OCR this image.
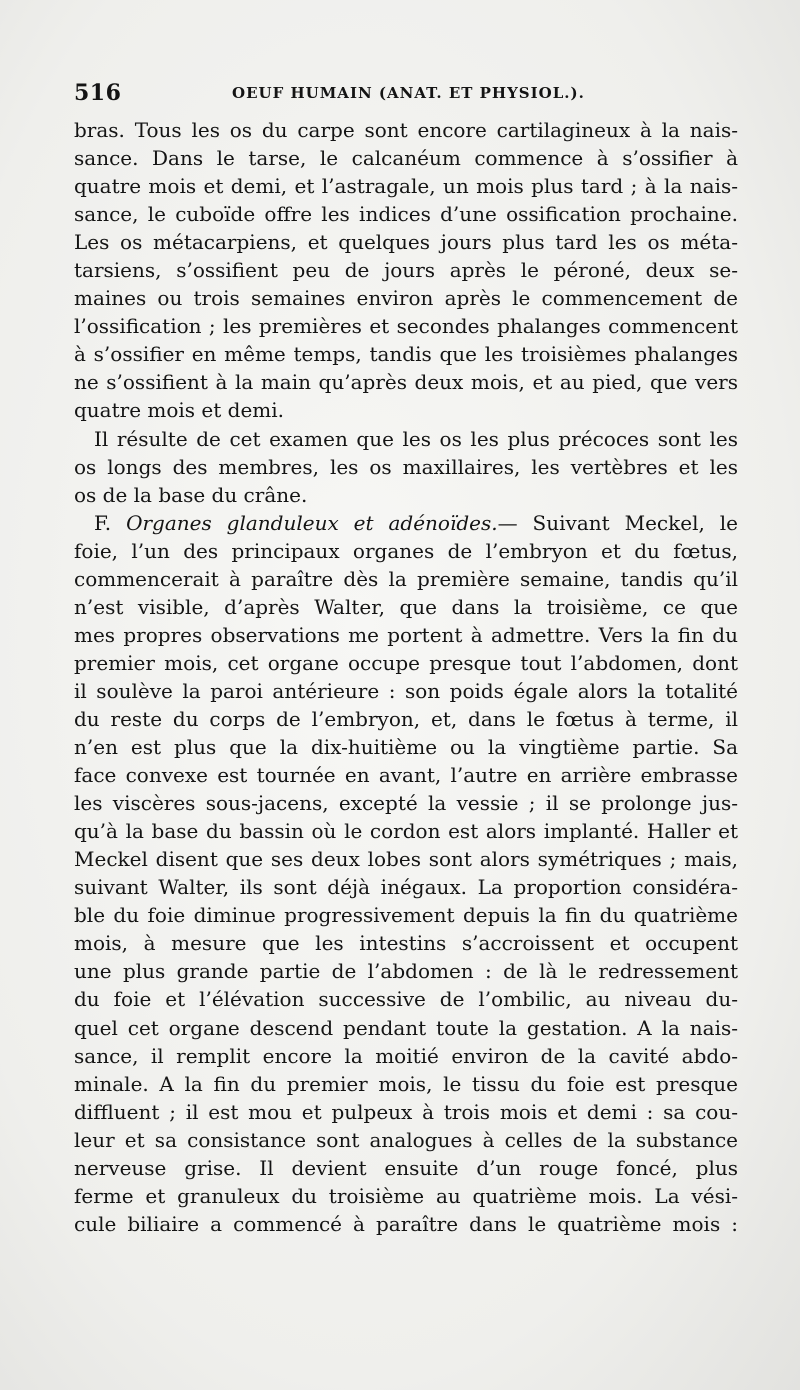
516	OEUF HUMAIN (ANAT. ET PHYSIOL.).
bras. Tous les os du carpe sont encore cartilagineux à la nais-
sance. Dans le tarse, le calcanéum commence à s’ossifier à
quatre mois et demi, et l’astragale, un mois plus tard ; à la nais-
sance, le cuboïde offre les indices d’une ossification prochaine.
Les os métacarpiens, et quelques jours plus tard les os méta-
tarsiens, s’ossifient peu de jours après le péroné, deux se-
maines ou trois semaines environ après le commencement de
l’ossification ; les premières et secondes phalanges commencent
à s’ossifier en même temps, tandis que les troisièmes phalanges
ne s’ossifient à la main qu’après deux mois, et au pied, que vers
quatre mois et demi.
Il résulte de cet examen que les os les plus précoces sont les
os longs des membres, les os maxillaires, les vertèbres et les
os de la base du crâne.
F. Organes glanduleux et adénoïdes.— Suivant Meckel, le
foie, l’un des principaux organes de l’embryon et du fœtus,
commencerait à paraître dès la première semaine, tandis qu’il
n’est visible, d’après Walter, que dans la troisième, ce que
mes propres observations me portent à admettre. Vers la fin du
premier mois, cet organe occupe presque tout l’abdomen, dont
il soulève la paroi antérieure : son poids égale alors la totalité
du reste du corps de l’embryon, et, dans le fœtus à terme, il
n’en est plus que la dix-huitième ou la vingtième partie. Sa
face convexe est tournée en avant, l’autre en arrière embrasse
les viscères sous-jacens, excepté la vessie ; il se prolonge jus-
qu’à la base du bassin où le cordon est alors implanté. Haller et
Meckel disent que ses deux lobes sont alors symétriques ; mais,
suivant Walter, ils sont déjà inégaux. La proportion considéra-
ble du foie diminue progressivement depuis la fin du quatrième
mois, à mesure que les intestins s’accroissent et occupent
une plus grande partie de l’abdomen : de là le redressement
du foie et l’élévation successive de l’ombilic, au niveau du-
quel cet organe descend pendant toute la gestation. A la nais-
sance, il remplit encore la moitié environ de la cavité abdo-
minale. A la fin du premier mois, le tissu du foie est presque
diffluent ; il est mou et pulpeux à trois mois et demi : sa cou-
leur et sa consistance sont analogues à celles de la substance
nerveuse grise. Il devient ensuite d’un rouge foncé, plus
ferme et granuleux du troisième au quatrième mois. La vési-
cule biliaire a commencé à paraître dans le quatrième mois :
